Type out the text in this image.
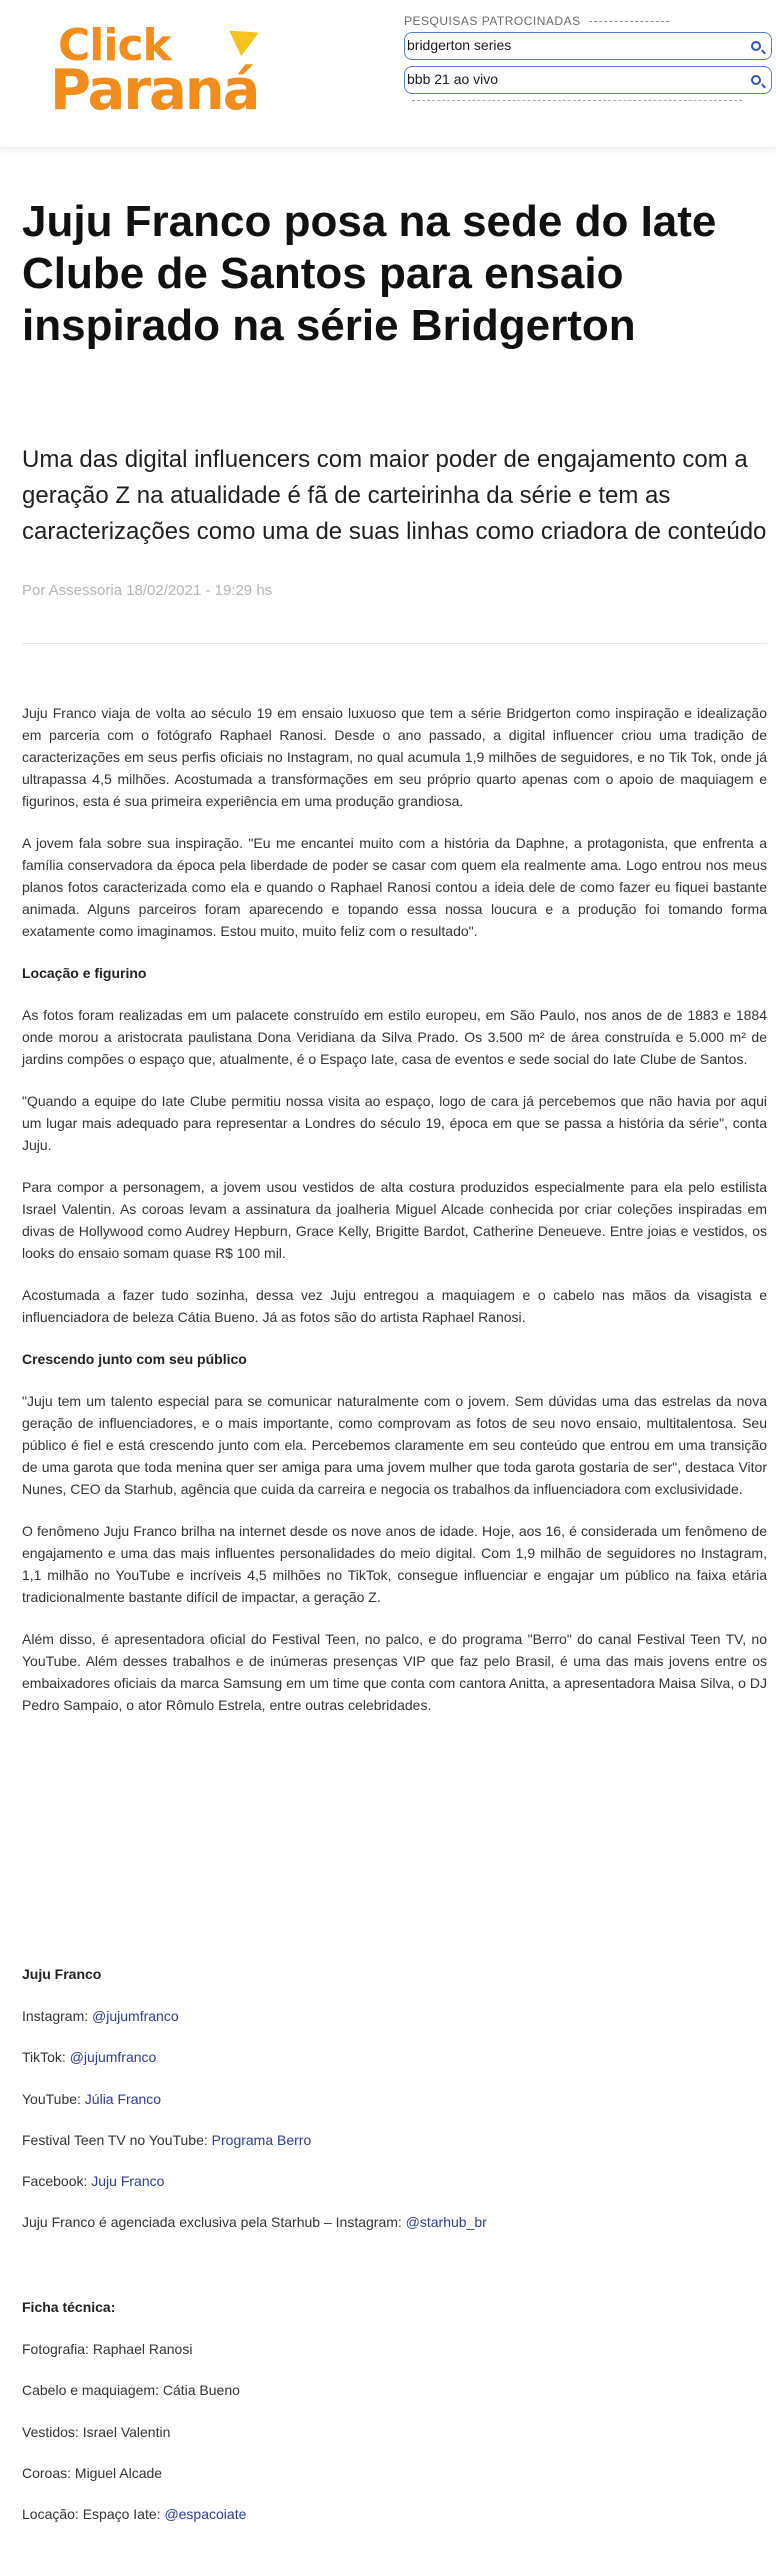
Click
Paraná
PESQUISAS PATROCINADAS
bridgerton series
bbb 21 ao vivo
Juju Franco posa na sede do Iate Clube de Santos para ensaio inspirado na série Bridgerton
Uma das digital influencers com maior poder de engajamento com a geração Z na atualidade é fã de carteirinha da série e tem as caracterizações como uma de suas linhas como criadora de conteúdo
Por Assessoria 18/02/2021 - 19:29 hs

Juju Franco viaja de volta ao século 19 em ensaio luxuoso que tem a série Bridgerton como inspiração e idealização em parceria com o fotógrafo Raphael Ranosi. Desde o ano passado, a digital influencer criou uma tradição de caracterizações em seus perfis oficiais no Instagram, no qual acumula 1,9 milhões de seguidores, e no Tik Tok, onde já ultrapassa 4,5 milhões. Acostumada a transformações em seu próprio quarto apenas com o apoio de maquiagem e figurinos, esta é sua primeira experiência em uma produção grandiosa.

A jovem fala sobre sua inspiração. "Eu me encantei muito com a história da Daphne, a protagonista, que enfrenta a família conservadora da época pela liberdade de poder se casar com quem ela realmente ama. Logo entrou nos meus planos fotos caracterizada como ela e quando o Raphael Ranosi contou a ideia dele de como fazer eu fiquei bastante animada. Alguns parceiros foram aparecendo e topando essa nossa loucura e a produção foi tomando forma exatamente como imaginamos. Estou muito, muito feliz com o resultado".

Locação e figurino

As fotos foram realizadas em um palacete construído em estilo europeu, em São Paulo, nos anos de de 1883 e 1884 onde morou a aristocrata paulistana Dona Veridiana da Silva Prado. Os 3.500 m² de área construída e 5.000 m² de jardins compões o espaço que, atualmente, é o Espaço Iate, casa de eventos e sede social do Iate Clube de Santos.

"Quando a equipe do Iate Clube permitiu nossa visita ao espaço, logo de cara já percebemos que não havia por aqui um lugar mais adequado para representar a Londres do século 19, época em que se passa a história da série", conta Juju.

Para compor a personagem, a jovem usou vestidos de alta costura produzidos especialmente para ela pelo estilista Israel Valentin. As coroas levam a assinatura da joalheria Miguel Alcade conhecida por criar coleções inspiradas em divas de Hollywood como Audrey Hepburn, Grace Kelly, Brigitte Bardot, Catherine Deneueve. Entre joias e vestidos, os looks do ensaio somam quase R$ 100 mil.

Acostumada a fazer tudo sozinha, dessa vez Juju entregou a maquiagem e o cabelo nas mãos da visagista e influenciadora de beleza Cátia Bueno. Já as fotos são do artista Raphael Ranosi.

Crescendo junto com seu público

"Juju tem um talento especial para se comunicar naturalmente com o jovem. Sem dúvidas uma das estrelas da nova geração de influenciadores, e o mais importante, como comprovam as fotos de seu novo ensaio, multitalentosa. Seu público é fiel e está crescendo junto com ela. Percebemos claramente em seu conteúdo que entrou em uma transição de uma garota que toda menina quer ser amiga para uma jovem mulher que toda garota gostaria de ser", destaca Vitor Nunes, CEO da Starhub, agência que cuida da carreira e negocia os trabalhos da influenciadora com exclusividade.

O fenômeno Juju Franco brilha na internet desde os nove anos de idade. Hoje, aos 16, é considerada um fenômeno de engajamento e uma das mais influentes personalidades do meio digital. Com 1,9 milhão de seguidores no Instagram, 1,1 milhão no YouTube e incríveis 4,5 milhões no TikTok, consegue influenciar e engajar um público na faixa etária tradicionalmente bastante difícil de impactar, a geração Z.

Além disso, é apresentadora oficial do Festival Teen, no palco, e do programa "Berro" do canal Festival Teen TV, no YouTube. Além desses trabalhos e de inúmeras presenças VIP que faz pelo Brasil, é uma das mais jovens entre os embaixadores oficiais da marca Samsung em um time que conta com cantora Anitta, a apresentadora Maisa Silva, o DJ Pedro Sampaio, o ator Rômulo Estrela, entre outras celebridades.

Juju Franco
Instagram: @jujumfranco
TikTok: @jujumfranco
YouTube: Júlia Franco
Festival Teen TV no YouTube: Programa Berro
Facebook: Juju Franco
Juju Franco é agenciada exclusiva pela Starhub – Instagram: @starhub_br
Ficha técnica:
Fotografia: Raphael Ranosi
Cabelo e maquiagem: Cátia Bueno
Vestidos: Israel Valentin
Coroas: Miguel Alcade
Locação: Espaço Iate: @espacoiate
